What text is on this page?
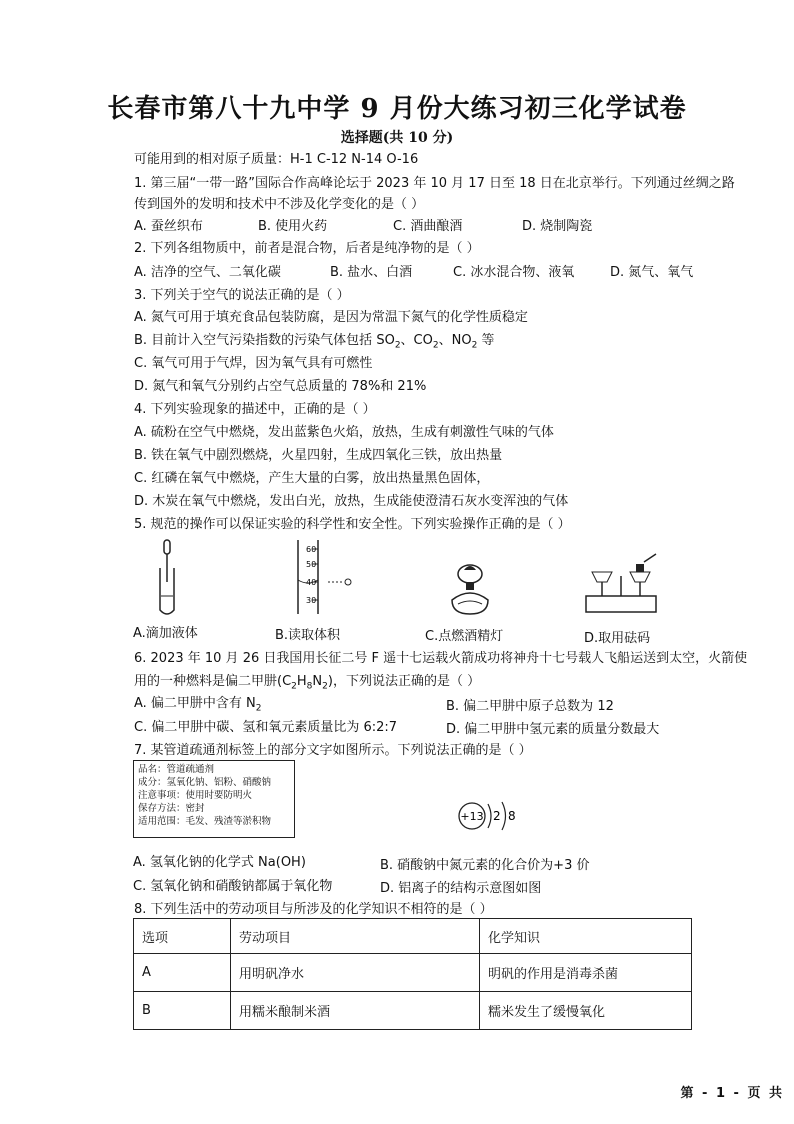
长春市第八十九中学 9 月份大练习初三化学试卷
选择题(共 10 分)
可能用到的相对原子质量：H-1 C-12 N-14 O-16
1. 第三届“一带一路”国际合作高峰论坛于 2023 年 10 月 17 日至 18 日在北京举行。下列通过丝绸之路
传到国外的发明和技术中不涉及化学变化的是（ ）
A. 蚕丝织布	B. 使用火药	C. 酒曲酿酒	D. 烧制陶瓷
2. 下列各组物质中，前者是混合物，后者是纯净物的是（ ）
A. 洁净的空气、二氧化碳	B. 盐水、白酒	C. 冰水混合物、液氧	D. 氮气、氧气
3. 下列关于空气的说法正确的是（ ）
A. 氮气可用于填充食品包装防腐，是因为常温下氮气的化学性质稳定
B. 目前计入空气污染指数的污染气体包括 $SO_2$、$CO_2$、$NO_2$ 等
C. 氧气可用于气焊，因为氧气具有可燃性
D. 氮气和氧气分别约占空气总质量的 78%和 21%
4. 下列实验现象的描述中，正确的是（ ）
A. 硫粉在空气中燃烧，发出蓝紫色火焰，放热，生成有刺激性气味的气体
B. 铁在氧气中剧烈燃烧，火星四射，生成四氧化三铁，放出热量
C. 红磷在氧气中燃烧，产生大量的白雾，放出热量黑色固体，
D. 木炭在氧气中燃烧，发出白光，放热，生成能使澄清石灰水变浑浊的气体
5. 规范的操作可以保证实验的科学性和安全性。下列实验操作正确的是（ ）
60
50
40
30
A.滴加液体	B.读取体积	C.点燃酒精灯	D.取用砝码
6. 2023 年 10 月 26 日我国用长征二号 F 遥十七运载火箭成功将神舟十七号载人飞船运送到太空，火箭使
用的一种燃料是偏二甲肼$(C_2H_8N_2)$，下列说法正确的是（ ）
A. 偏二甲肼中含有 $N_2$	B. 偏二甲肼中原子总数为 12
C. 偏二甲肼中碳、氢和氧元素质量比为 6:2:7	D. 偏二甲肼中氢元素的质量分数最大
7. 某管道疏通剂标签上的部分文字如图所示。下列说法正确的是（ ）
品名：管道疏通剂
成分：氢氧化钠、铝粉、硝酸钠
注意事项：使用时要防明火
保存方法：密封
适用范围：毛发、残渣等淤积物	+13 2 8
A. 氢氧化钠的化学式 Na(OH)	B. 硝酸钠中氮元素的化合价为+3 价
C. 氢氧化钠和硝酸钠都属于氧化物	D. 铝离子的结构示意图如图
8. 下列生活中的劳动项目与所涉及的化学知识不相符的是（ ）
选项	劳动项目	化学知识
A	用明矾净水	明矾的作用是消毒杀菌
B	用糯米酿制米酒	糯米发生了缓慢氧化
第 - 1 - 页 共
